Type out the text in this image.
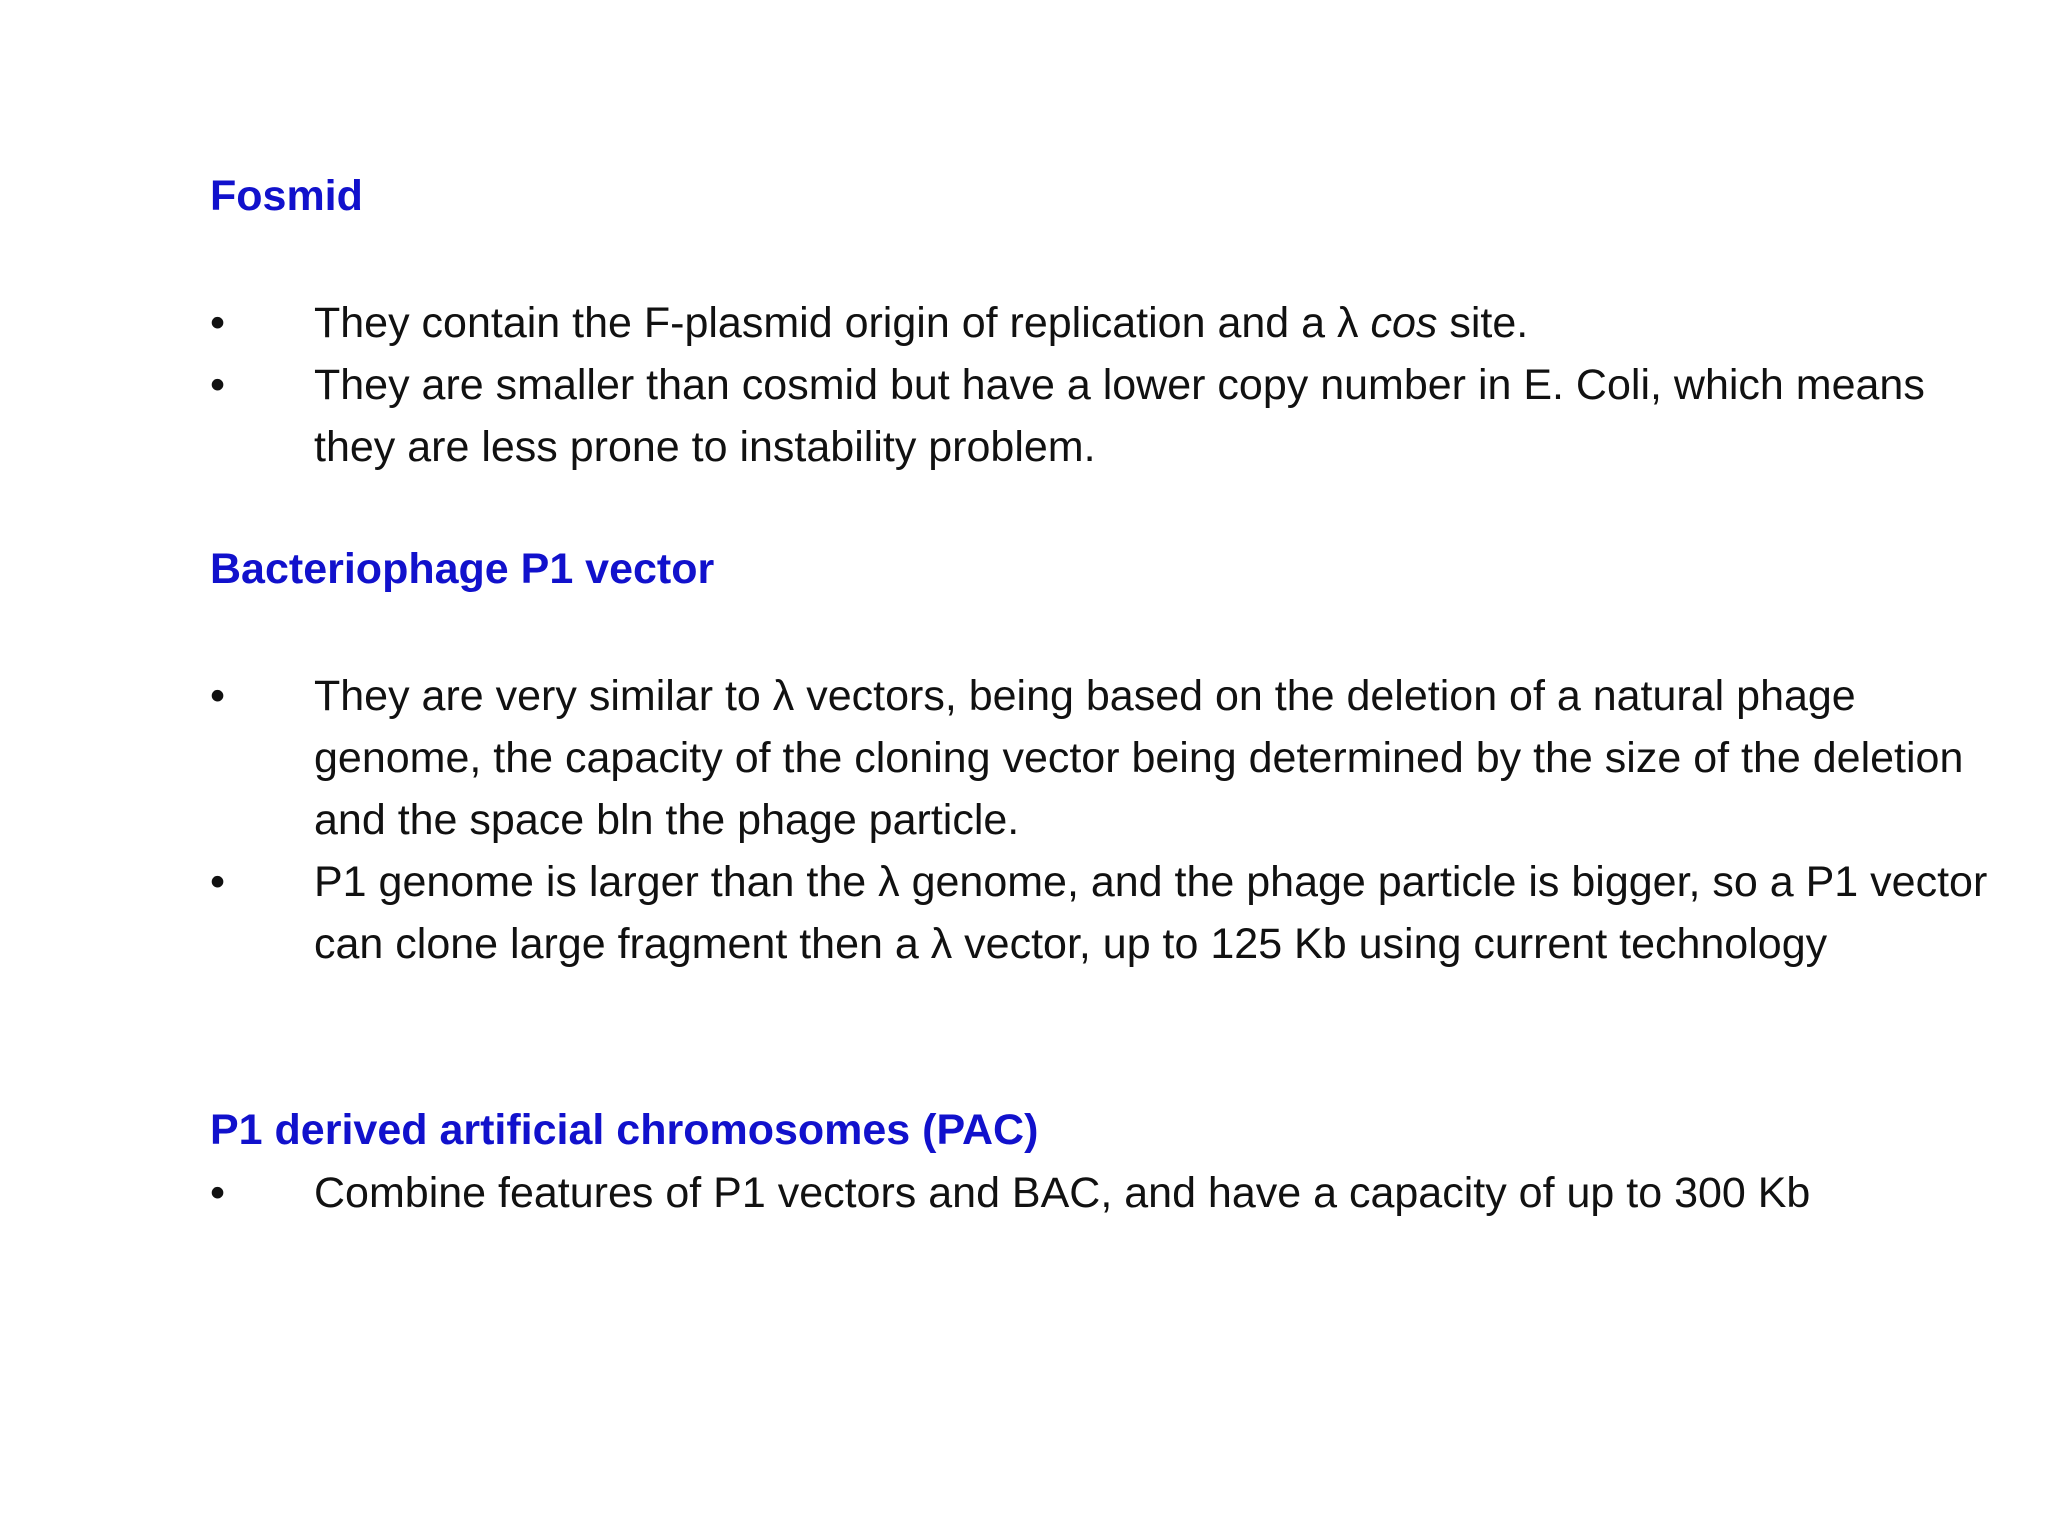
Fosmid
•	They contain the F-plasmid origin of replication and a λ cos site.
•	They are smaller than cosmid but have a lower copy number in E. Coli, which means they are less prone to instability problem.
Bacteriophage P1 vector
•	They are very similar to λ vectors, being based on the deletion of a natural phage genome, the capacity of the cloning vector being determined by the size of the deletion and the space bln the phage particle.
•	P1 genome is larger than the λ genome, and the phage particle is bigger, so a P1 vector can clone large fragment then a λ vector, up to 125 Kb using current technology
P1 derived artificial chromosomes (PAC)
•	Combine features of P1 vectors and BAC, and have a capacity of up to 300 Kb
